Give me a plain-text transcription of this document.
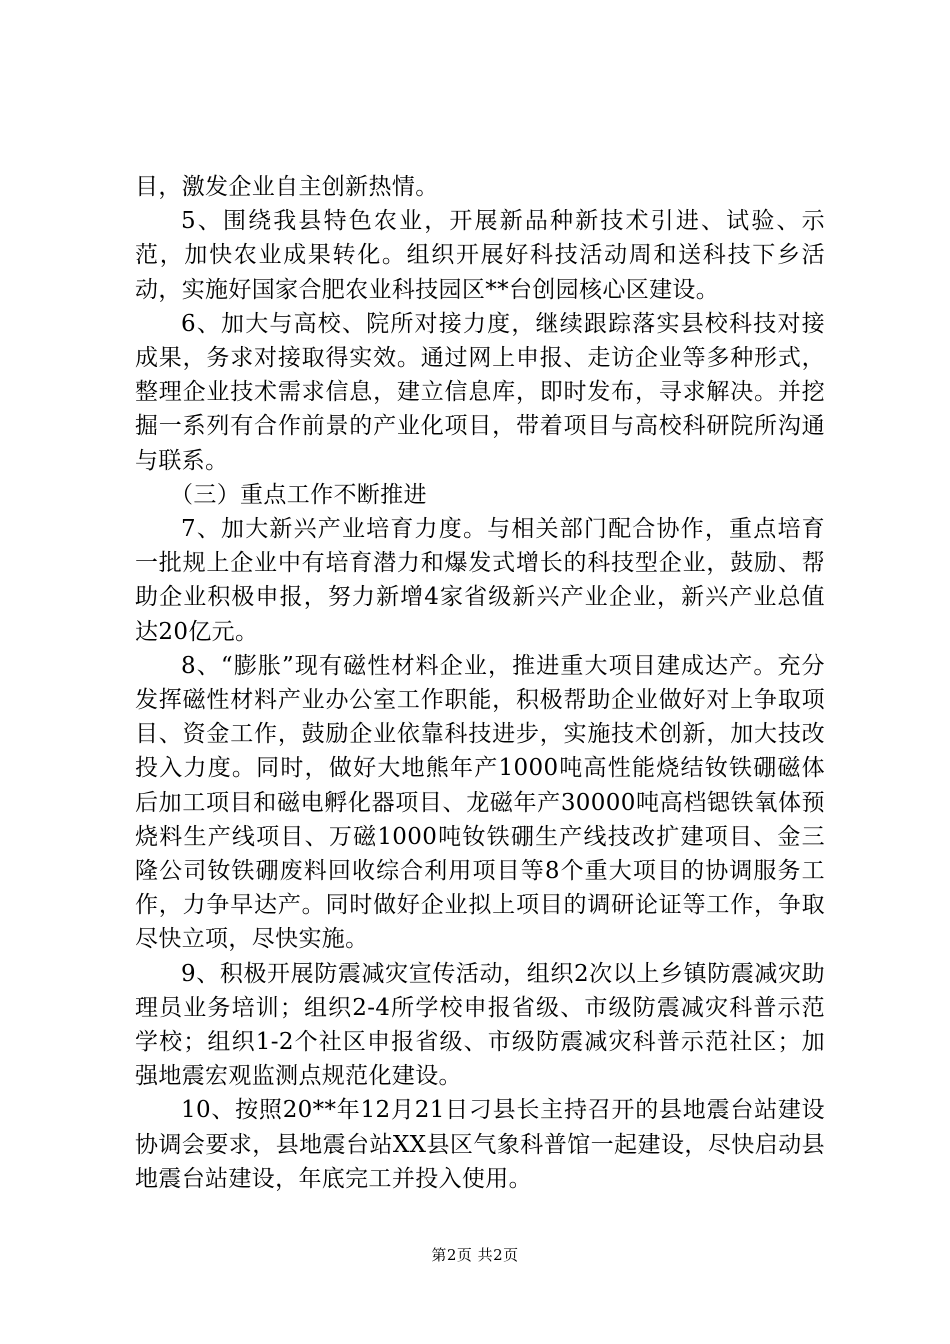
目，激发企业自主创新热情。

5、围绕我县特色农业，开展新品种新技术引进、试验、示范，加快农业成果转化。组织开展好科技活动周和送科技下乡活动，实施好国家合肥农业科技园区**台创园核心区建设。

6、加大与高校、院所对接力度，继续跟踪落实县校科技对接成果，务求对接取得实效。通过网上申报、走访企业等多种形式，整理企业技术需求信息，建立信息库，即时发布，寻求解决。并挖掘一系列有合作前景的产业化项目，带着项目与高校科研院所沟通与联系。

（三）重点工作不断推进

7、加大新兴产业培育力度。与相关部门配合协作，重点培育一批规上企业中有培育潜力和爆发式增长的科技型企业，鼓励、帮助企业积极申报，努力新增4家省级新兴产业企业，新兴产业总值达20亿元。

8、“膨胀”现有磁性材料企业，推进重大项目建成达产。充分发挥磁性材料产业办公室工作职能，积极帮助企业做好对上争取项目、资金工作，鼓励企业依靠科技进步，实施技术创新，加大技改投入力度。同时，做好大地熊年产1000吨高性能烧结钕铁硼磁体后加工项目和磁电孵化器项目、龙磁年产30000吨高档锶铁氧体预烧料生产线项目、万磁1000吨钕铁硼生产线技改扩建项目、金三隆公司钕铁硼废料回收综合利用项目等8个重大项目的协调服务工作，力争早达产。同时做好企业拟上项目的调研论证等工作，争取尽快立项，尽快实施。

9、积极开展防震减灾宣传活动，组织2次以上乡镇防震减灾助理员业务培训；组织2-4所学校申报省级、市级防震减灾科普示范学校；组织1-2个社区申报省级、市级防震减灾科普示范社区；加强地震宏观监测点规范化建设。

10、按照20**年12月21日刁县长主持召开的县地震台站建设协调会要求，县地震台站XX县区气象科普馆一起建设，尽快启动县地震台站建设，年底完工并投入使用。

第2页 共2页
